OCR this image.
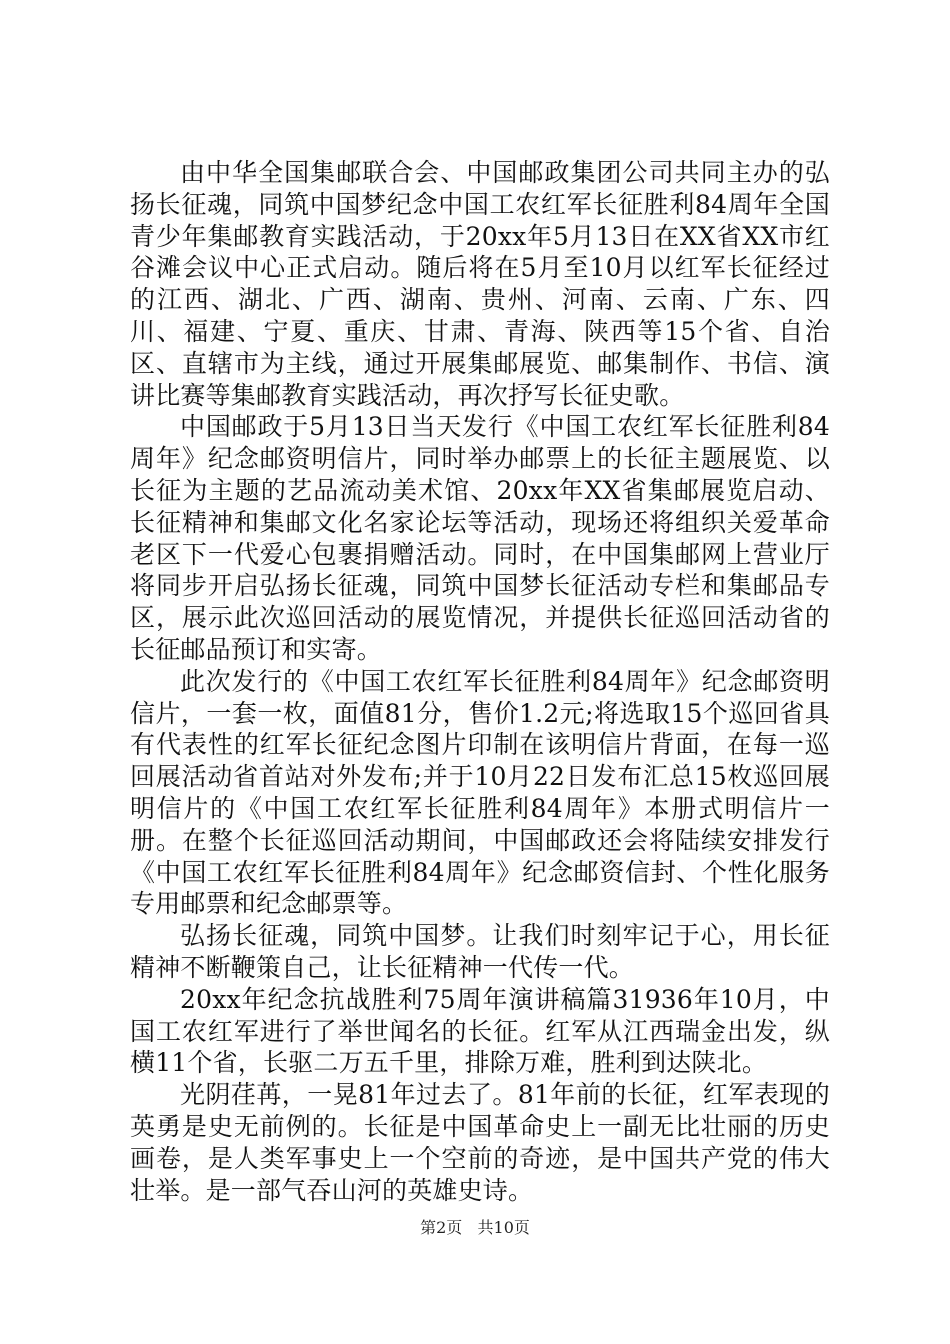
由中华全国集邮联合会、中国邮政集团公司共同主办的弘扬长征魂，同筑中国梦纪念中国工农红军长征胜利84周年全国青少年集邮教育实践活动，于20xx年5月13日在XX省XX市红谷滩会议中心正式启动。随后将在5月至10月以红军长征经过的江西、湖北、广西、湖南、贵州、河南、云南、广东、四川、福建、宁夏、重庆、甘肃、青海、陕西等15个省、自治区、直辖市为主线，通过开展集邮展览、邮集制作、书信、演讲比赛等集邮教育实践活动，再次抒写长征史歌。

中国邮政于5月13日当天发行《中国工农红军长征胜利84周年》纪念邮资明信片，同时举办邮票上的长征主题展览、以长征为主题的艺品流动美术馆、20xx年XX省集邮展览启动、长征精神和集邮文化名家论坛等活动，现场还将组织关爱革命老区下一代爱心包裹捐赠活动。同时，在中国集邮网上营业厅将同步开启弘扬长征魂，同筑中国梦长征活动专栏和集邮品专区，展示此次巡回活动的展览情况，并提供长征巡回活动省的长征邮品预订和实寄。

此次发行的《中国工农红军长征胜利84周年》纪念邮资明信片，一套一枚，面值81分，售价1.2元;将选取15个巡回省具有代表性的红军长征纪念图片印制在该明信片背面，在每一巡回展活动省首站对外发布;并于10月22日发布汇总15枚巡回展明信片的《中国工农红军长征胜利84周年》本册式明信片一册。在整个长征巡回活动期间，中国邮政还会将陆续安排发行《中国工农红军长征胜利84周年》纪念邮资信封、个性化服务专用邮票和纪念邮票等。

弘扬长征魂，同筑中国梦。让我们时刻牢记于心，用长征精神不断鞭策自己，让长征精神一代传一代。

20xx年纪念抗战胜利75周年演讲稿篇31936年10月，中国工农红军进行了举世闻名的长征。红军从江西瑞金出发，纵横11个省，长驱二万五千里，排除万难，胜利到达陕北。

光阴荏苒，一晃81年过去了。81年前的长征，红军表现的英勇是史无前例的。长征是中国革命史上一副无比壮丽的历史画卷，是人类军事史上一个空前的奇迹，是中国共产党的伟大壮举。是一部气吞山河的英雄史诗。

第2页 共10页
